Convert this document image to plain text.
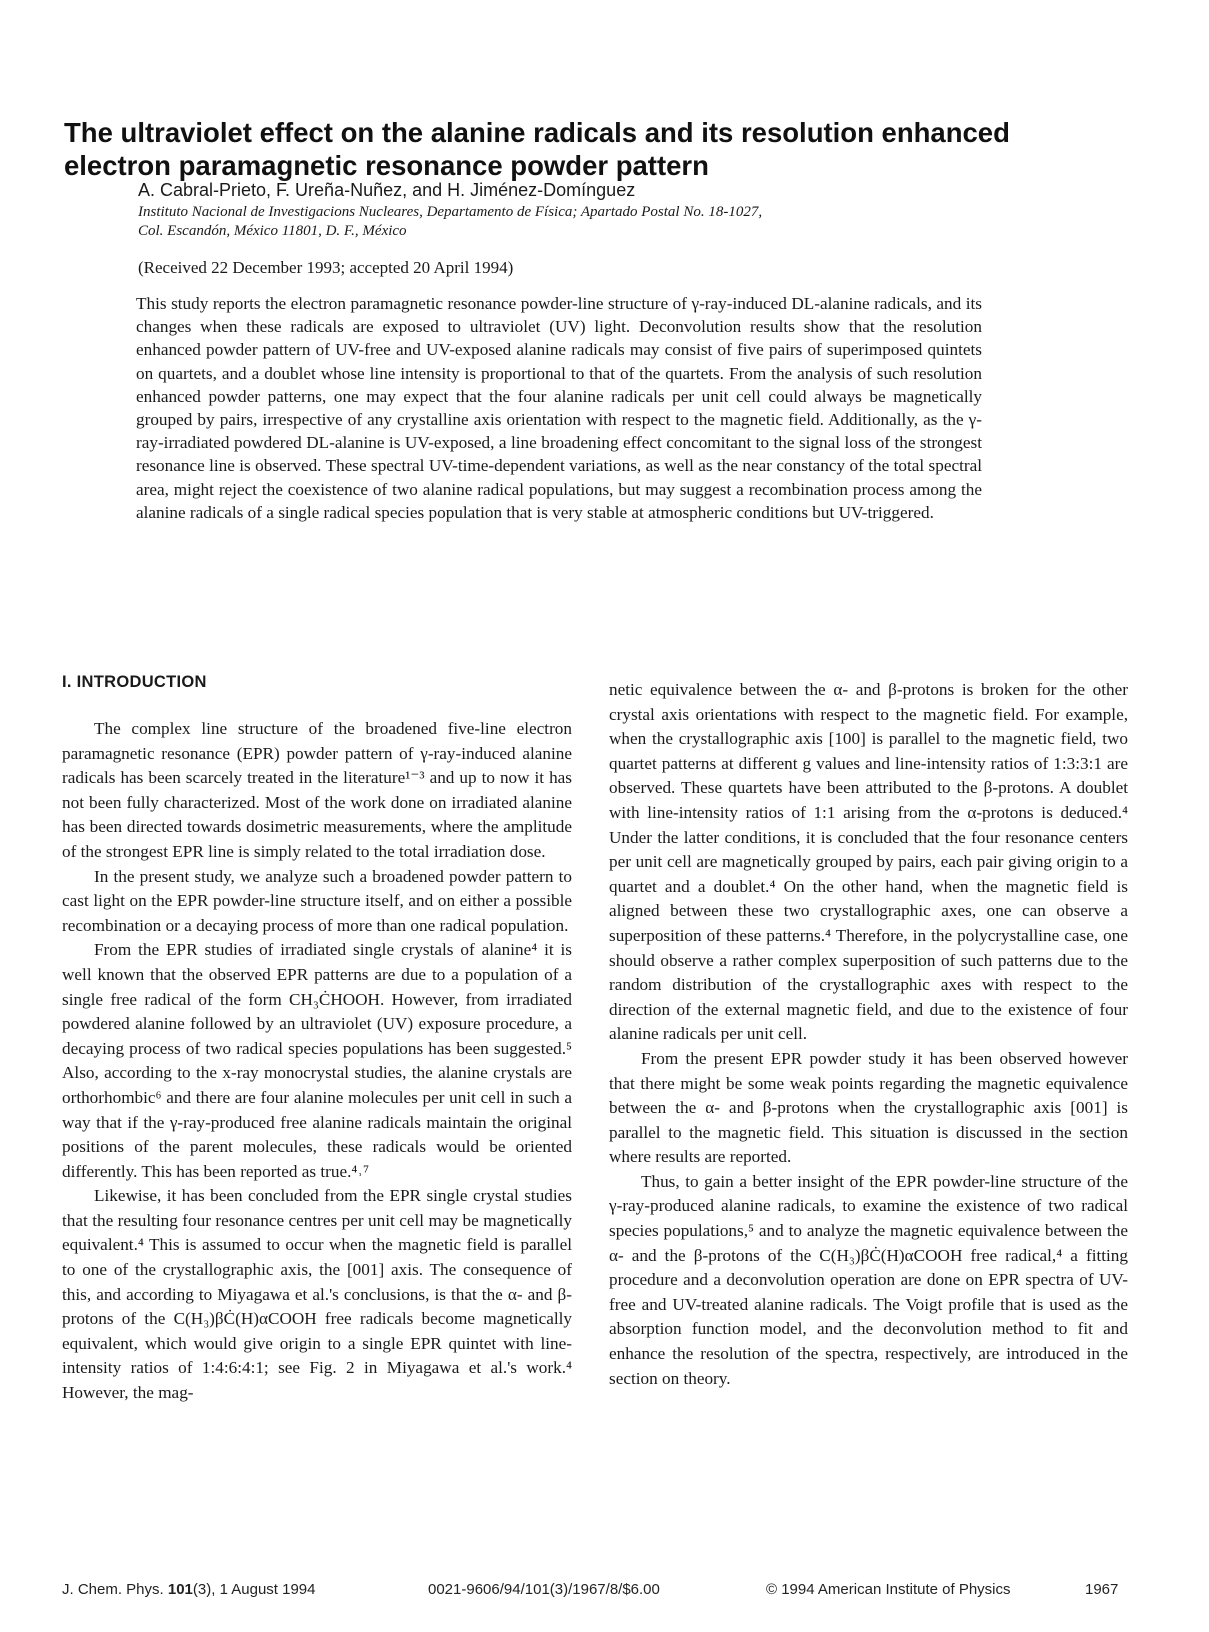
The ultraviolet effect on the alanine radicals and its resolution enhanced electron paramagnetic resonance powder pattern
A. Cabral-Prieto, F. Ureña-Nuñez, and H. Jiménez-Domínguez
Instituto Nacional de Investigacions Nucleares, Departamento de Física; Apartado Postal No. 18-1027,
Col. Escandón, México 11801, D. F., México
(Received 22 December 1993; accepted 20 April 1994)
This study reports the electron paramagnetic resonance powder-line structure of γ-ray-induced DL-alanine radicals, and its changes when these radicals are exposed to ultraviolet (UV) light. Deconvolution results show that the resolution enhanced powder pattern of UV-free and UV-exposed alanine radicals may consist of five pairs of superimposed quintets on quartets, and a doublet whose line intensity is proportional to that of the quartets. From the analysis of such resolution enhanced powder patterns, one may expect that the four alanine radicals per unit cell could always be magnetically grouped by pairs, irrespective of any crystalline axis orientation with respect to the magnetic field. Additionally, as the γ-ray-irradiated powdered DL-alanine is UV-exposed, a line broadening effect concomitant to the signal loss of the strongest resonance line is observed. These spectral UV-time-dependent variations, as well as the near constancy of the total spectral area, might reject the coexistence of two alanine radical populations, but may suggest a recombination process among the alanine radicals of a single radical species population that is very stable at atmospheric conditions but UV-triggered.
I. INTRODUCTION

The complex line structure of the broadened five-line electron paramagnetic resonance (EPR) powder pattern of γ-ray-induced alanine radicals has been scarcely treated in the literature¹⁻³ and up to now it has not been fully characterized. Most of the work done on irradiated alanine has been directed towards dosimetric measurements, where the amplitude of the strongest EPR line is simply related to the total irradiation dose.

In the present study, we analyze such a broadened powder pattern to cast light on the EPR powder-line structure itself, and on either a possible recombination or a decaying process of more than one radical population.

From the EPR studies of irradiated single crystals of alanine⁴ it is well known that the observed EPR patterns are due to a population of a single free radical of the form CH₃ĊHOOH. However, from irradiated powdered alanine followed by an ultraviolet (UV) exposure procedure, a decaying process of two radical species populations has been suggested.⁵ Also, according to the x-ray monocrystal studies, the alanine crystals are orthorhombic⁶ and there are four alanine molecules per unit cell in such a way that if the γ-ray-produced free alanine radicals maintain the original positions of the parent molecules, these radicals would be oriented differently. This has been reported as true.⁴˒⁷

Likewise, it has been concluded from the EPR single crystal studies that the resulting four resonance centres per unit cell may be magnetically equivalent.⁴ This is assumed to occur when the magnetic field is parallel to one of the crystallographic axis, the [001] axis. The consequence of this, and according to Miyagawa et al.'s conclusions, is that the α- and β-protons of the C(H₃)βĊ(H)αCOOH free radicals become magnetically equivalent, which would give origin to a single EPR quintet with line-intensity ratios of 1:4:6:4:1; see Fig. 2 in Miyagawa et al.'s work.⁴ However, the mag-

netic equivalence between the α- and β-protons is broken for the other crystal axis orientations with respect to the magnetic field. For example, when the crystallographic axis [100] is parallel to the magnetic field, two quartet patterns at different g values and line-intensity ratios of 1:3:3:1 are observed. These quartets have been attributed to the β-protons. A doublet with line-intensity ratios of 1:1 arising from the α-protons is deduced.⁴ Under the latter conditions, it is concluded that the four resonance centers per unit cell are magnetically grouped by pairs, each pair giving origin to a quartet and a doublet.⁴ On the other hand, when the magnetic field is aligned between these two crystallographic axes, one can observe a superposition of these patterns.⁴ Therefore, in the polycrystalline case, one should observe a rather complex superposition of such patterns due to the random distribution of the crystallographic axes with respect to the direction of the external magnetic field, and due to the existence of four alanine radicals per unit cell.

From the present EPR powder study it has been observed however that there might be some weak points regarding the magnetic equivalence between the α- and β-protons when the crystallographic axis [001] is parallel to the magnetic field. This situation is discussed in the section where results are reported.

Thus, to gain a better insight of the EPR powder-line structure of the γ-ray-produced alanine radicals, to examine the existence of two radical species populations,⁵ and to analyze the magnetic equivalence between the α- and the β-protons of the C(H₃)βĊ(H)αCOOH free radical,⁴ a fitting procedure and a deconvolution operation are done on EPR spectra of UV-free and UV-treated alanine radicals. The Voigt profile that is used as the absorption function model, and the deconvolution method to fit and enhance the resolution of the spectra, respectively, are introduced in the section on theory.

J. Chem. Phys. 101(3), 1 August 1994	0021-9606/94/101(3)/1967/8/$6.00	© 1994 American Institute of Physics	1967
